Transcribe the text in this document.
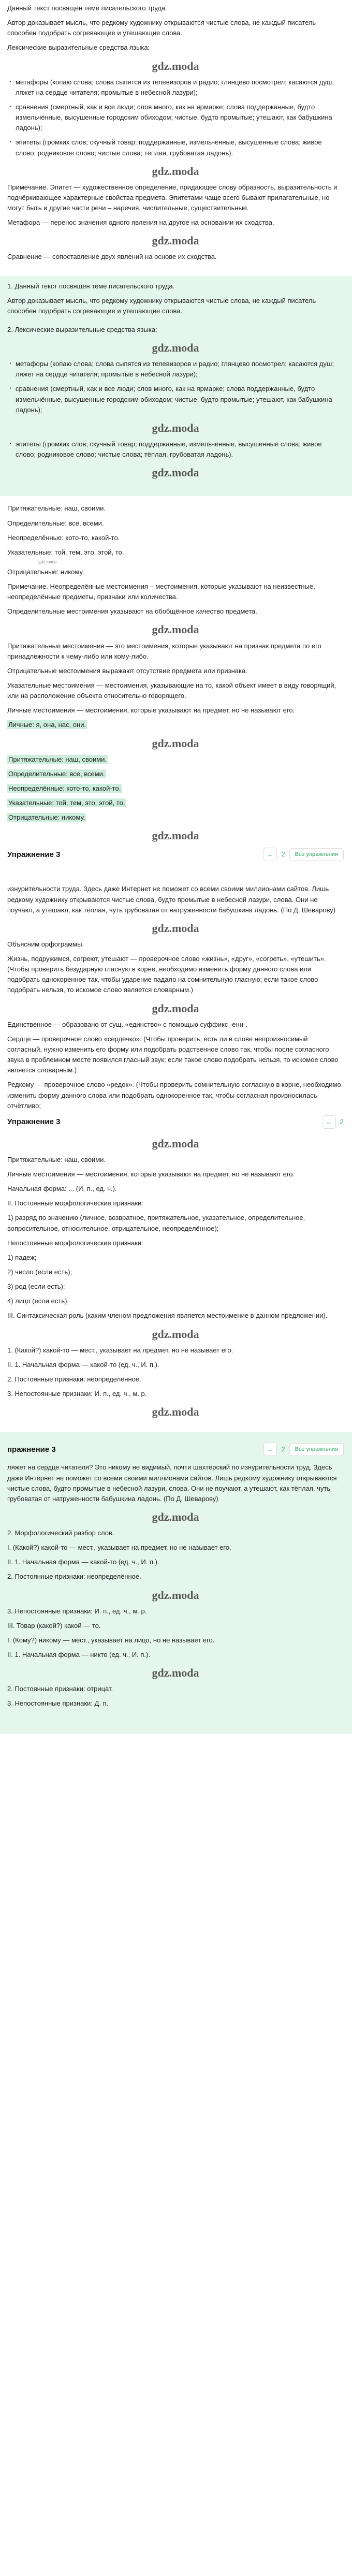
Данный текст посвящён теме писательского труда.

Автор доказывает мысль, что редкому художнику открываются чистые слова, не каждый писатель способен подобрать согревающие и утешающие слова.

Лексические выразительные средства языка:

gdz.moda

· метафоры (копаю слова; слова сыпятся из телевизоров и радио; глянцево посмотрел; касаются душ; ляжет на сердце читателя; промытые в небесной лазури);

· сравнения (смертный, как и все люди; слов много, как на ярмарке; слова поддержанные, будто измельчённые, высушенные городским обиходом; чистые, будто промытые; утешают, как бабушкина ладонь);

· эпитеты (громких слов; скучный товар; поддержанные, измельчённые, высушенные слова; живое слово; родниковое слово; чистые слова; тёплая, грубоватая ладонь).

gdz.moda

Примечание. Эпитет — художественное определение, придающее слову образность, выразительность и подчёркивающее характерные свойства предмета. Эпитетами чаще всего бывают прилагательные, но могут быть и другие части речи – наречия, числительные, существительные.

Метафора — перенос значения одного явления на другое на основании их сходства.

gdz.moda

Сравнение — сопоставление двух явлений на основе их сходства.

1. Данный текст посвящён теме писательского труда.

Автор доказывает мысль, что редкому художнику открываются чистые слова, не каждый писатель способен подобрать согревающие и утешающие слова.

2. Лексические выразительные средства языка:

gdz.moda

· метафоры (копаю слова; слова сыпятся из телевизоров и радио; глянцево посмотрел; касаются душ; ляжет на сердце читателя; промытые в небесной лазури);

· сравнения (смертный, как и все люди; слов много, как на ярмарке; слова поддержанные, будто измельчённые, высушенные городским обиходом; чистые, будто промытые; утешают, как бабушкина ладонь);

gdz.moda

· эпитеты (громких слов; скучный товар; поддержанные, измельчённые, высушенные слова; живое слово; родниковое слово; чистые слова; тёплая, грубоватая ладонь).

gdz.moda

Притяжательные: наш, своими.

Определительные: все, всеми.

Неопределённые: кото-то, какой-то.

Указательные: той, тем, это, этой, то.

gdz.moda

Отрицательные: никому.

Примечание. Неопределённые местоимения – местоимения, которые указывают на неизвестные, неопределённые предметы, признаки или количества.

Определительные местоимения указывают на обобщённое качество предмета.

gdz.moda

Притяжательные местоимения — это местоимения, которые указывают на признак предмета по его принадлежности к чему-либо или кому-либо.

Отрицательные местоимения выражают отсутствие предмета или признака.

Указательные местоимения — местоимения, указывающие на то, какой объект имеет в виду говорящий, или на расположение объекта относительно говорящего.

Личные местоимения — местоимения, которые указывают на предмет, но не называют его.

Личные: я, она, нас, они.

gdz.moda

Притяжательные: наш, своими.

Определительные: все, всеми.

Неопределённые: кото-то, какой-то.

Указательные: той, тем, это, этой, то.

Отрицательные: никому.

gdz.moda
Упражнение 3	←	2	Все упражнения

изнурительности труда. Здесь даже Интернет не поможет со всеми своими миллионами сайтов. Лишь редкому художнику открываются чистые слова, будто промытые в небесной лазури, слова. Они не поучают, а утешают, как тёплая, чуть грубоватая от натруженности бабушкина ладонь. (По Д. Шеварову)

gdz.moda

Объясним орфограммы.

Жизнь, подружимся, согреют, утешают — проверочное слово «жизнь», «друг», «согреть», «утешить». (Чтобы проверить безударную гласную в корне, необходимо изменить форму данного слова или подобрать однокоренное так, чтобы ударение падало на сомнительную гласную; если такое слово подобрать нельзя, то искомое слово является словарным.)

gdz.moda

Единственное — образовано от сущ. «единство» с помощью суффикс -енн-.

Сердце — проверочное слово «сердечко». (Чтобы проверить, есть ли в слове непроизносимый согласный, нужно изменить его форму или подобрать родственное слово так, чтобы после согласного звука в проблемном месте появился гласный звук; если такое слово подобрать нельзя, то искомое слово является словарным.)

Редкому — проверочное слово «редок». (Чтобы проверить сомнительную согласную в корне, необходимо изменить форму данного слова или подобрать однокоренное так, чтобы согласная произносилась отчётливо;

Упражнение 3	←	2
gdz.moda

Притяжательные: наш, своими.

Личные местоимения — местоимения, которые указывают на предмет, но не называют его.

Начальная форма: ... (И. п., ед. ч.).

II. Постоянные морфологические признаки:

1) разряд по значению (личное, возвратное, притяжательное, указательное, определительное, вопросительное, относительное, отрицательное, неопределённое);

Непостоянные морфологические признаки:

1) падеж;

2) число (если есть);

3) род (если есть);

4) лицо (если есть).

III. Синтаксическая роль (каким членом предложения является местоимение в данном предложении).

gdz.moda

1. (Какой?) какой-то — мест., указывает на предмет, но не называет его.

II. 1. Начальная форма — какой-то (ед. ч., И. п.).

2. Постоянные признаки: неопределённое.

3. Непостоянные признаки: И. п., ед. ч., м. р.

gdz.moda
пражнение 3	←	2	Все упражнения

ляжет на сердце читателя? Это никому не видимый, почти шахтёрский по изнурительности труд. Здесь даже Интернет не поможет со всеми своими миллионами сайтов. Лишь редкому художнику открываются чистые слова, будто промытые в небесной лазури, слова. Они не поучают, а утешают, как тёплая, чуть грубоватая от натруженности бабушкина ладонь. (По Д. Шеварову)

gdz.moda

2. Морфологический разбор слов.

I. (Какой?) какой-то — мест., указывает на предмет, но не называет его.

II. 1. Начальная форма — какой-то (ед. ч., И. п.).

2. Постоянные признаки: неопределённое.

gdz.moda

3. Непостоянные признаки: И. п., ед. ч., м. р.

III. Товар (какой?) какой — то.

I. (Кому?) никому — мест., указывает на лицо, но не называет его.

II. 1. Начальная форма — никто (ед. ч., И. п.).

gdz.moda

2. Постоянные признаки: отрицат.

3. Непостоянные признаки: Д. п.
